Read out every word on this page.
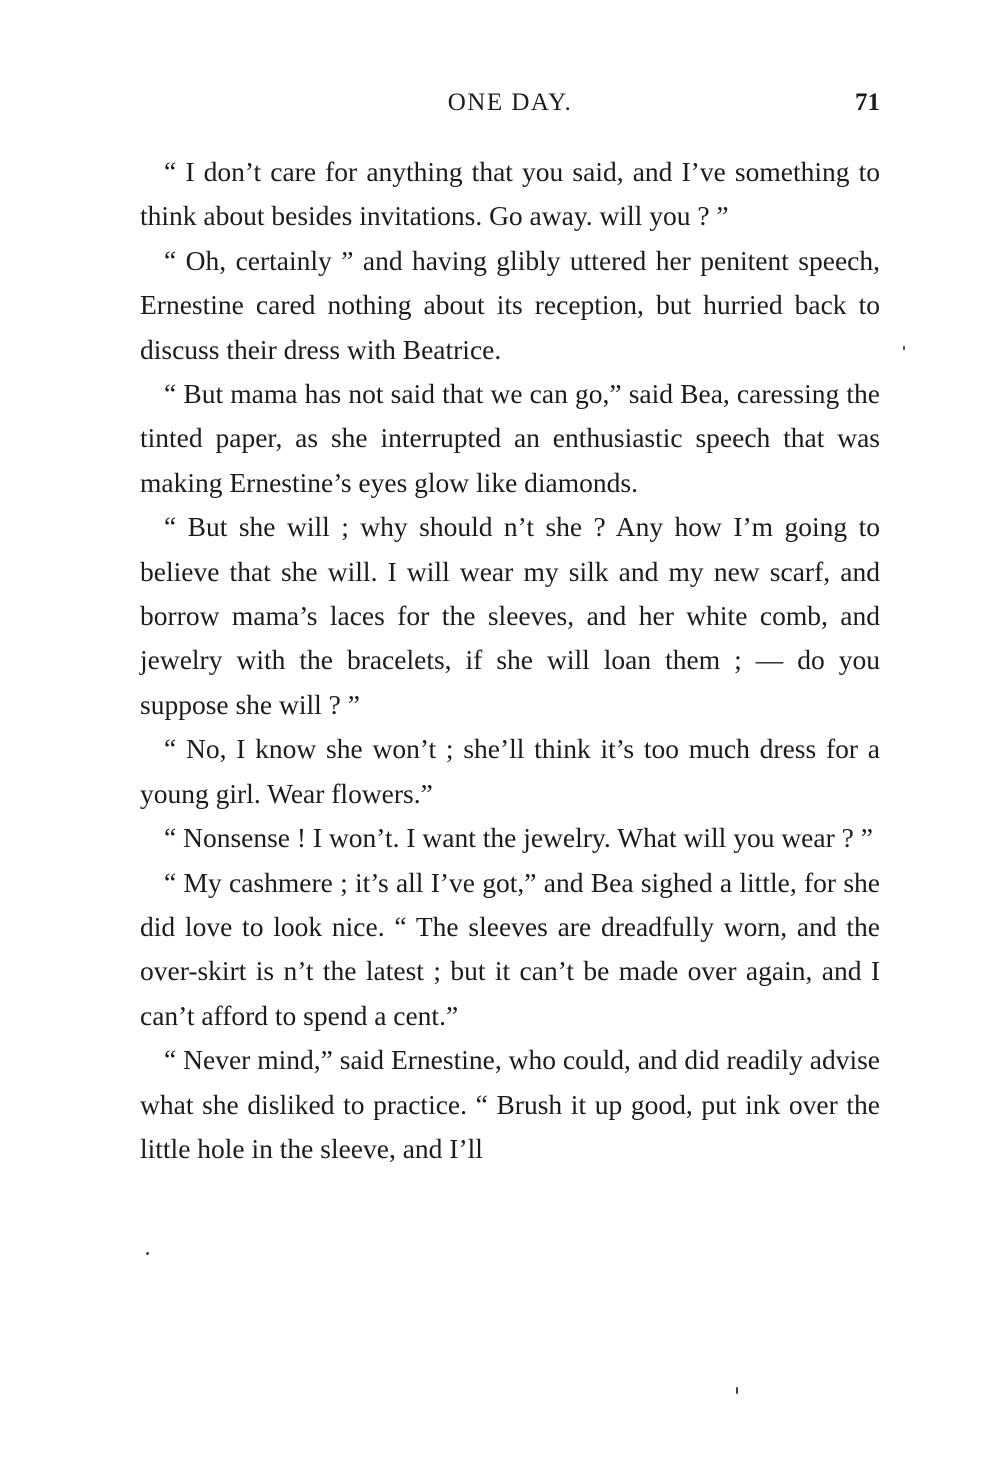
ONE DAY.	71

“ I don’t care for anything that you said, and I’ve something to think about besides invitations. Go away. will you ? ”

“ Oh, certainly ” and having glibly uttered her penitent speech, Ernestine cared nothing about its reception, but hurried back to discuss their dress with Beatrice.

“ But mama has not said that we can go,” said Bea, caressing the tinted paper, as she interrupted an enthusiastic speech that was making Ernestine’s eyes glow like diamonds.

“ But she will ; why should n’t she ? Any how I’m going to believe that she will. I will wear my silk and my new scarf, and borrow mama’s laces for the sleeves, and her white comb, and jewelry with the bracelets, if she will loan them ; — do you suppose she will ? ”

“ No, I know she won’t ; she’ll think it’s too much dress for a young girl. Wear flowers.”

“ Nonsense ! I won’t. I want the jewelry. What will you wear ? ”

“ My cashmere ; it’s all I’ve got,” and Bea sighed a little, for she did love to look nice. “ The sleeves are dreadfully worn, and the over-skirt is n’t the latest ; but it can’t be made over again, and I can’t afford to spend a cent.”

“ Never mind,” said Ernestine, who could, and did readily advise what she disliked to practice. “ Brush it up good, put ink over the little hole in the sleeve, and I’ll
